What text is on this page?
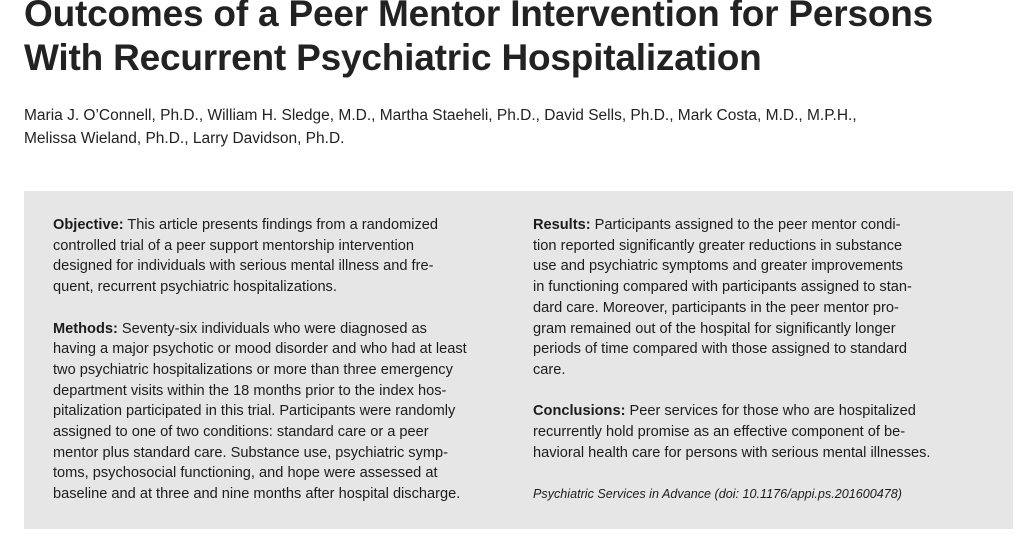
Outcomes of a Peer Mentor Intervention for Persons
With Recurrent Psychiatric Hospitalization
Maria J. O’Connell, Ph.D., William H. Sledge, M.D., Martha Staeheli, Ph.D., David Sells, Ph.D., Mark Costa, M.D., M.P.H.,
Melissa Wieland, Ph.D., Larry Davidson, Ph.D.
Objective: This article presents findings from a randomized
controlled trial of a peer support mentorship intervention
designed for individuals with serious mental illness and fre-
quent, recurrent psychiatric hospitalizations.
Methods: Seventy-six individuals who were diagnosed as
having a major psychotic or mood disorder and who had at least
two psychiatric hospitalizations or more than three emergency
department visits within the 18 months prior to the index hos-
pitalization participated in this trial. Participants were randomly
assigned to one of two conditions: standard care or a peer
mentor plus standard care. Substance use, psychiatric symp-
toms, psychosocial functioning, and hope were assessed at
baseline and at three and nine months after hospital discharge.
Results: Participants assigned to the peer mentor condi-
tion reported significantly greater reductions in substance
use and psychiatric symptoms and greater improvements
in functioning compared with participants assigned to stan-
dard care. Moreover, participants in the peer mentor pro-
gram remained out of the hospital for significantly longer
periods of time compared with those assigned to standard
care.
Conclusions: Peer services for those who are hospitalized
recurrently hold promise as an effective component of be-
havioral health care for persons with serious mental illnesses.
Psychiatric Services in Advance (doi: 10.1176/appi.ps.201600478)
